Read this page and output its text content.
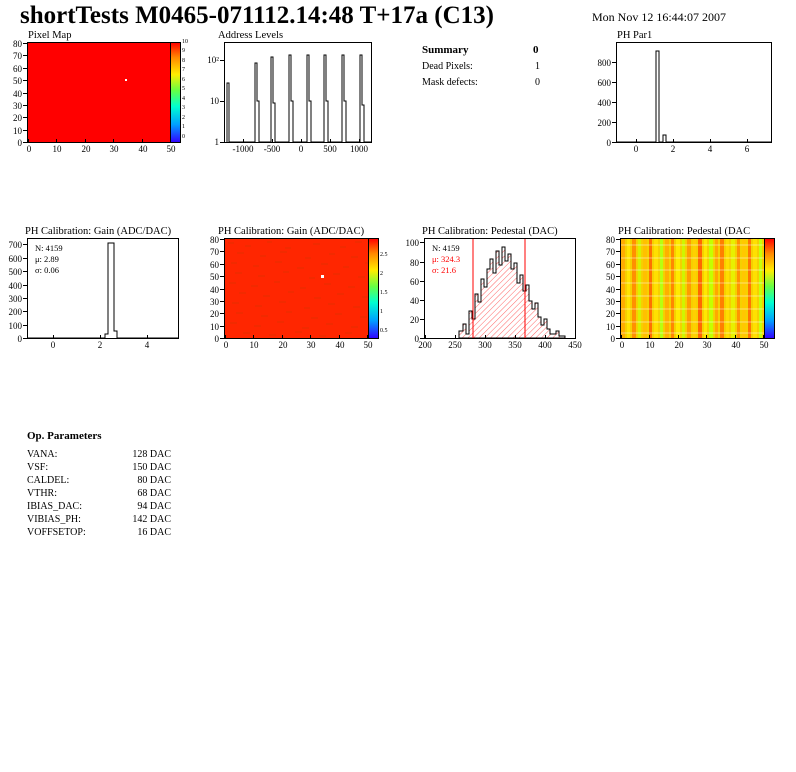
shortTests M0465-071112.14:48 T+17a (C13)	Mon Nov 12 16:44:07 2007
Summary	0
Dead Pixels:	1
Mask defects:	0
Pixel Map
0	10	20	30	40	50
0
10
20
30
40
50
60
70
80	10
9
8
7
6
5
4
3
2
1
0
Address Levels
-1000	-500	0	500	1000
1
10
10²
PH Par1
0	2	4	6
0
200
400
600
800
PH Calibration: Gain (ADC/DAC)
N: 4159
μ: 2.89
σ: 0.06
0	2	4
0
100
200
300
400
500
600
700
PH Calibration: Gain (ADC/DAC)
0	10	20	30	40	50
0
10
20
30
40
50
60
70
80
2.5
2
1.5
1
0.5
PH Calibration: Pedestal (DAC)
N: 4159
μ: 324.3
σ: 21.6
200	250	300	350	400	450
0
20
40
60
80
100
PH Calibration: Pedestal (DAC
0	10	20	30	40	50
0
10
20
30
40
50
60
70
80
Op. Parameters
VANA:	128 DAC
VSF:	150 DAC
CALDEL:	80 DAC
VTHR:	68 DAC
IBIAS_DAC:	94 DAC
VIBIAS_PH:	142 DAC
VOFFSETOP:	16 DAC
